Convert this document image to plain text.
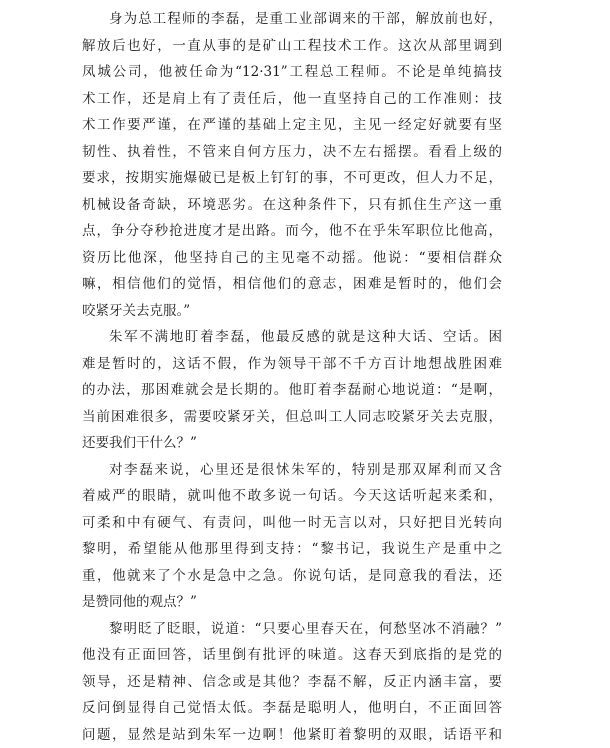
身为总工程师的李磊，是重工业部调来的干部，解放前也好，
解放后也好，一直从事的是矿山工程技术工作。这次从部里调到
凤城公司，他被任命为“12·31”工程总工程师。不论是单纯搞技
术工作，还是肩上有了责任后，他一直坚持自己的工作准则：技
术工作要严谨，在严谨的基础上定主见，主见一经定好就要有坚
韧性、执着性，不管来自何方压力，决不左右摇摆。看看上级的
要求，按期实施爆破已是板上钉钉的事，不可更改，但人力不足，
机械设备奇缺，环境恶劣。在这种条件下，只有抓住生产这一重
点，争分夺秒抢进度才是出路。而今，他不在乎朱军职位比他高，
资历比他深，他坚持自己的主见毫不动摇。他说：“要相信群众
嘛，相信他们的觉悟，相信他们的意志，困难是暂时的，他们会
咬紧牙关去克服。”
朱军不满地盯着李磊，他最反感的就是这种大话、空话。困
难是暂时的，这话不假，作为领导干部不千方百计地想战胜困难
的办法，那困难就会是长期的。他盯着李磊耐心地说道：“是啊，
当前困难很多，需要咬紧牙关，但总叫工人同志咬紧牙关去克服，
还要我们干什么？”
对李磊来说，心里还是很怵朱军的，特别是那双犀利而又含
着威严的眼睛，就叫他不敢多说一句话。今天这话听起来柔和，
可柔和中有硬气、有责问，叫他一时无言以对，只好把目光转向
黎明，希望能从他那里得到支持：“黎书记，我说生产是重中之
重，他就来了个水是急中之急。你说句话，是同意我的看法，还
是赞同他的观点？”
黎明眨了眨眼，说道：“只要心里春天在，何愁坚冰不消融？”
他没有正面回答，话里倒有批评的味道。这春天到底指的是党的
领导，还是精神、信念或是其他？李磊不解，反正内涵丰富，要
反问倒显得自己觉悟太低。李磊是聪明人，他明白，不正面回答
问题，显然是站到朱军一边啊！他紧盯着黎明的双眼，话语平和
